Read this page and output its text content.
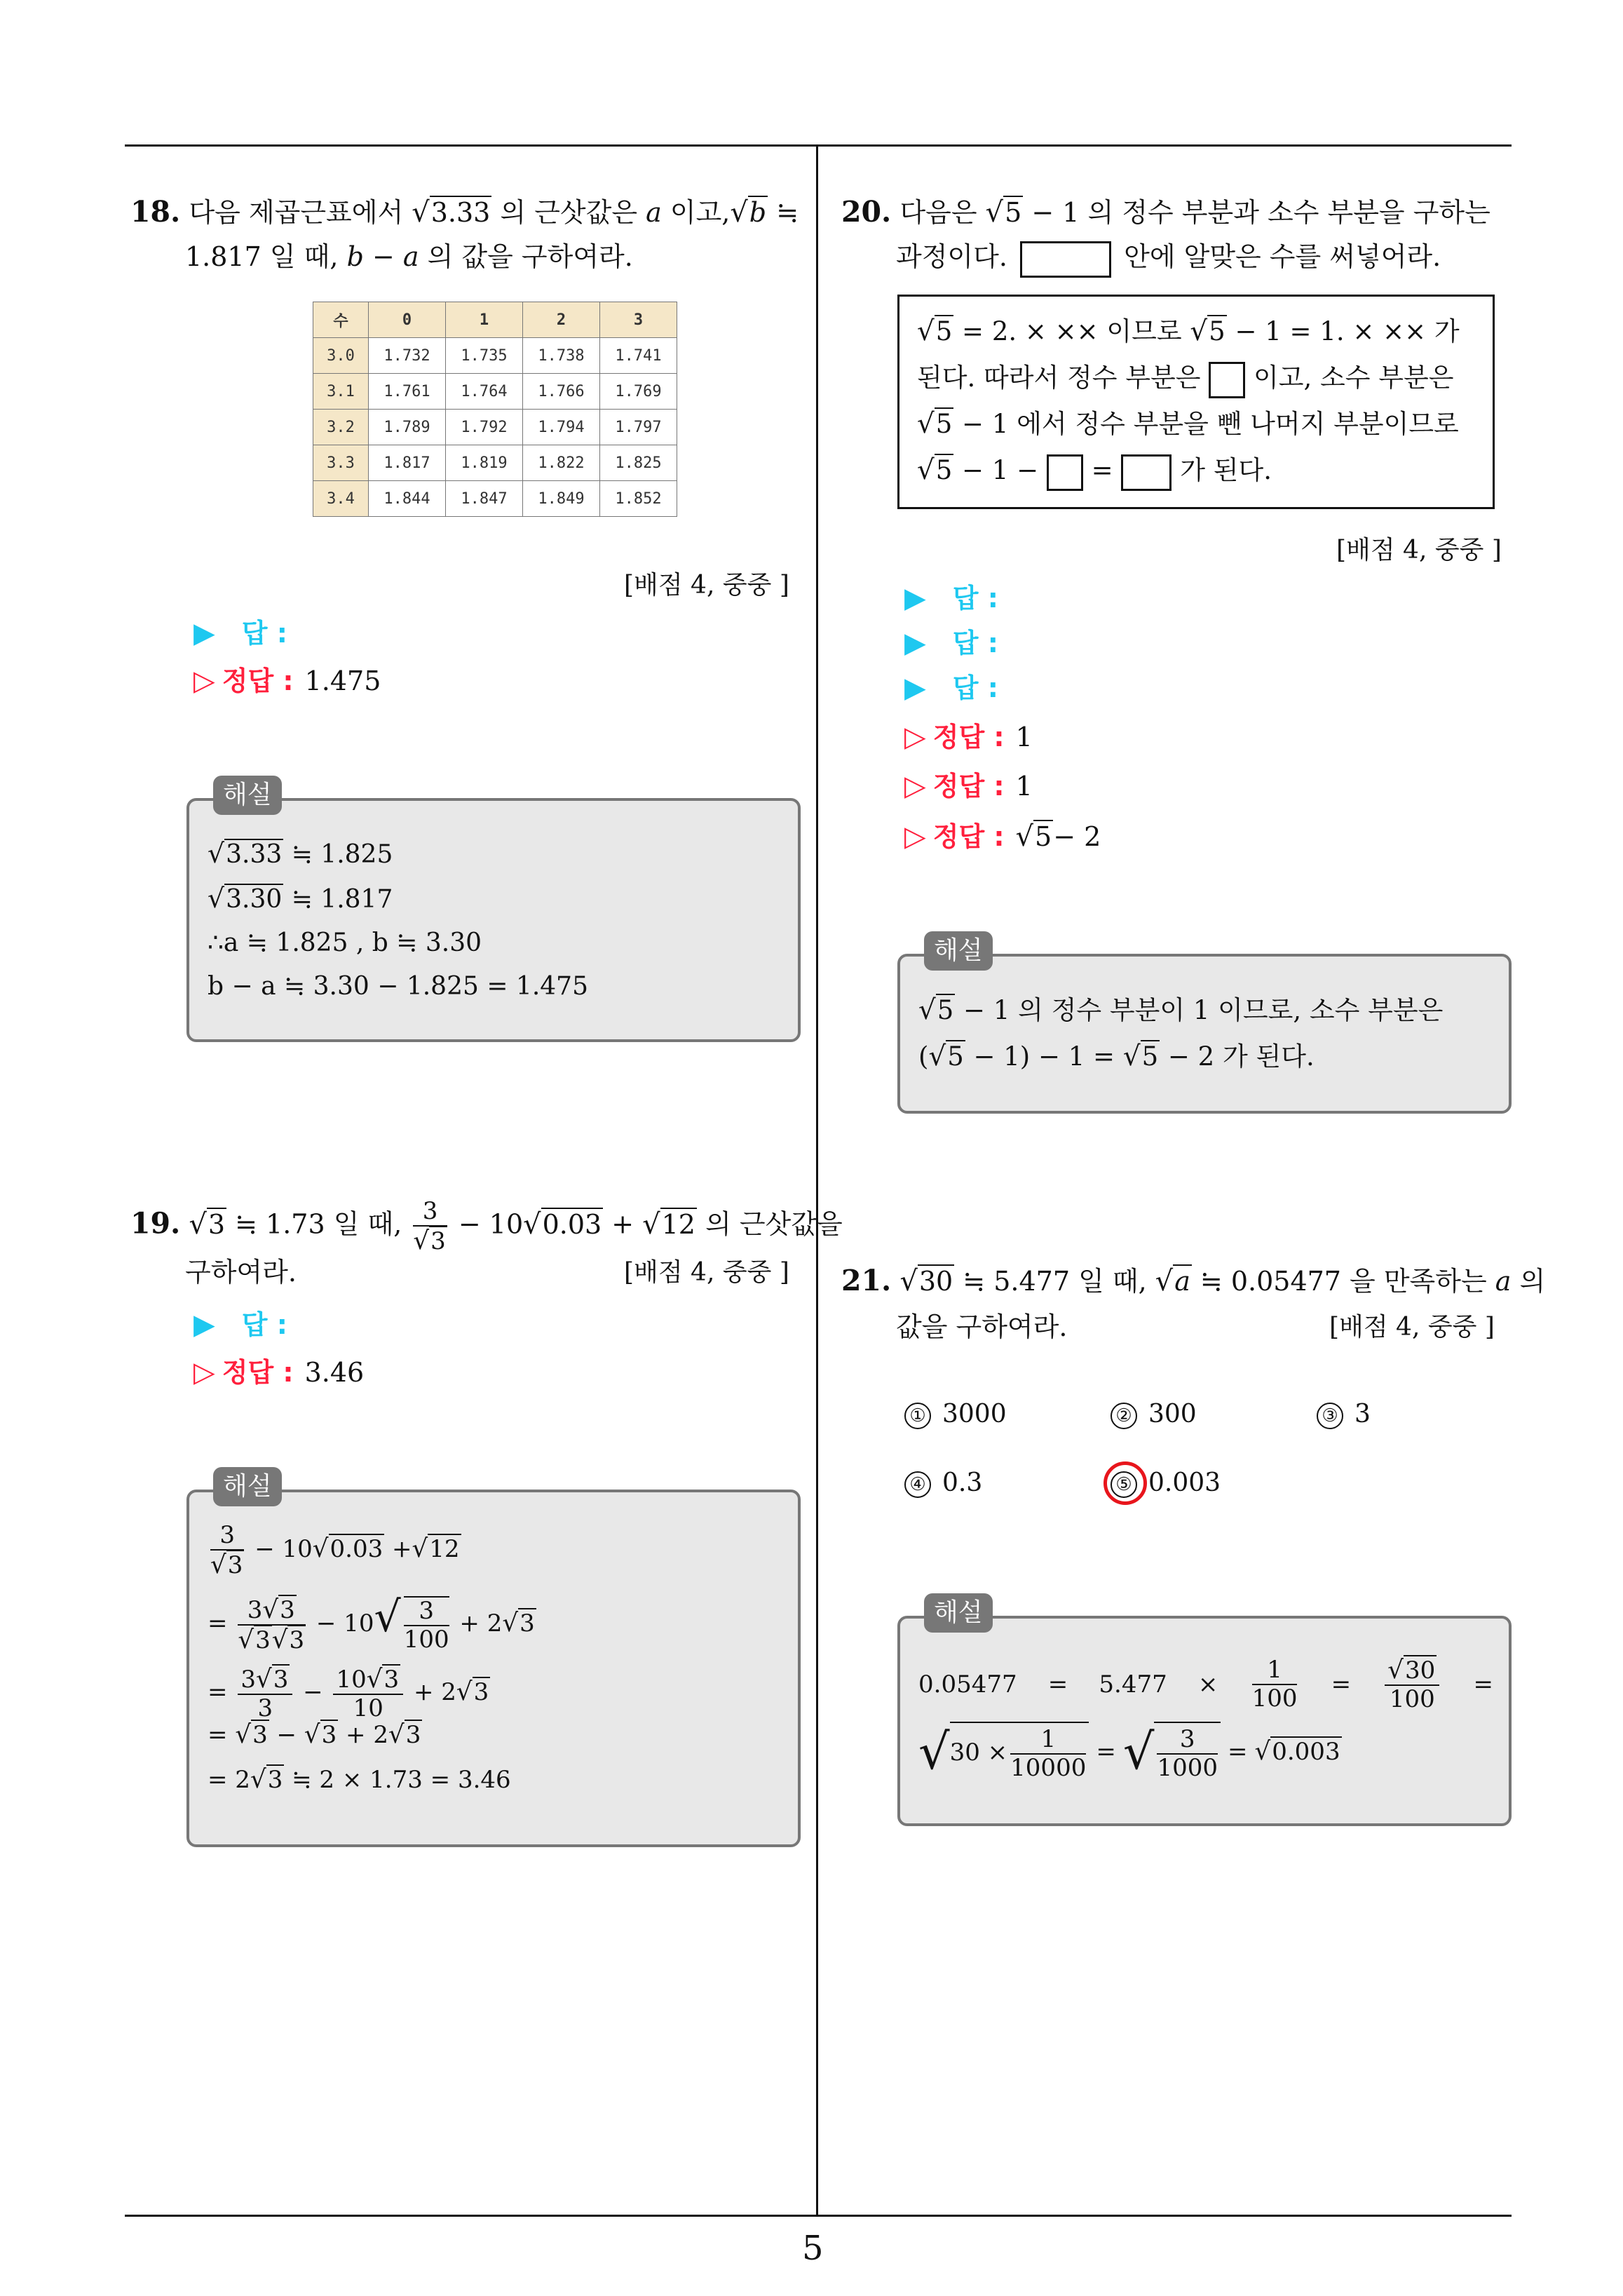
5
18. 다음 제곱근표에서 √3.33 의 근삿값은 a 이고,√b ≒
1.817 일 때, b − a 의 값을 구하여라.
수	0	1	2	3
3.0	1.732	1.735	1.738	1.741
3.1	1.761	1.764	1.766	1.769
3.2	1.789	1.792	1.794	1.797
3.3	1.817	1.819	1.822	1.825
3.4	1.844	1.847	1.849	1.852
[배점 4, 중중 ]
▶ 답 :
▷ 정답 : 1.475
해설
√3.33 ≒ 1.825
√3.30 ≒ 1.817
∴a ≒ 1.825 , b ≒ 3.30
b − a ≒ 3.30 − 1.825 = 1.475
19. √3 ≒ 1.73 일 때, $\frac{3}{√3} - 10√0.03 + √12$ 의 근삿값을
구하여라.	[배점 4, 중중 ]
▶ 답 :
▷ 정답 : 3.46
해설
$\frac{3}{√3} - 10√0.03 +√12$
= $\frac{3√3}{√3√3} - 10√ \frac{3}{100} + 2√3$
= $\frac{3√3}{3} - \frac{10√3}{10} + 2√3$
= √3 − √3 + 2√3
= 2√3 ≒ 2 × 1.73 = 3.46
20. 다음은 √5 − 1 의 정수 부분과 소수 부분을 구하는
과정이다.	안에 알맞은 수를 써넣어라.
√5 = 2. × ×× 이므로 √5 − 1 = 1. × ×× 가
된다. 따라서 정수 부분은 이고, 소수 부분은
√5 − 1 에서 정수 부분을 뺀 나머지 부분이므로
√5 − 1 − =	가 된다.
[배점 4, 중중 ]
▶ 답 :
▶ 답 :
▶ 답 :
▷ 정답 : 1
▷ 정답 : 1
▷ 정답 : √5− 2
해설
√5 − 1 의 정수 부분이 1 이므로, 소수 부분은
(√5 − 1) − 1 = √5 − 2 가 된다.
21. √30 ≒ 5.477 일 때, √a ≒ 0.05477 을 만족하는 a 의
값을 구하여라.	[배점 4, 중중 ]
① 3000	② 300	③ 3
④ 0.3	⑤ 0.003
해설
$0.05477 = 5.477 \times \frac{1}{100} = \frac{√30}{100}$ =
√ $30 \times \frac{1}{10000}$ = √ $\frac{3}{1000} = √0.003$
